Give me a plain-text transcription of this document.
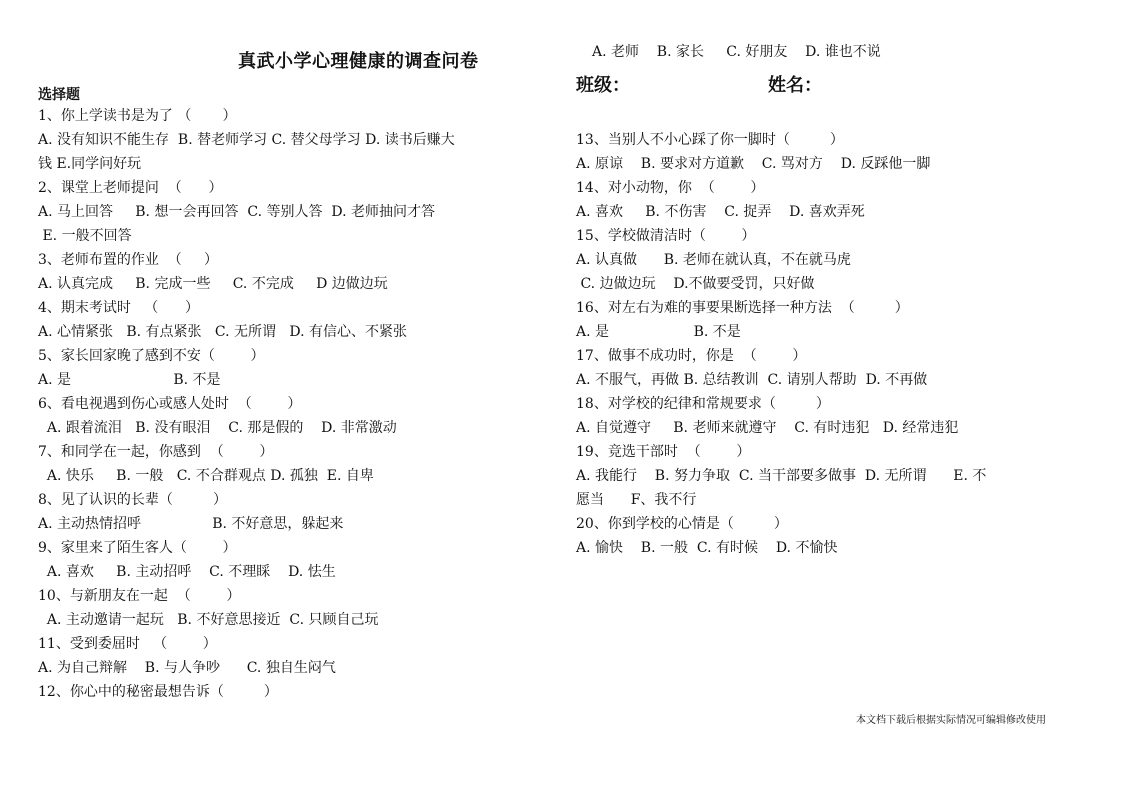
真武小学心理健康的调查问卷
选择题
A. 老师    B. 家长     C. 好朋友    D. 谁也不说
班级：	姓名：
本文档下载后根据实际情况可编辑修改使用
1、你上学读书是为了 （       ）
A. 没有知识不能生存  B. 替老师学习 C. 替父母学习 D. 读书后赚大
钱 E.同学问好玩
2、课堂上老师提问  （      ）
A. 马上回答     B. 想一会再回答  C. 等别人答  D. 老师抽问才答
E. 一般不回答
3、老师布置的作业  （     ）
A. 认真完成     B. 完成一些     C. 不完成     D 边做边玩
4、期末考试时   （      ）
A. 心情紧张   B. 有点紧张   C. 无所谓   D. 有信心、不紧张
5、家长回家晚了感到不安（        ）
A. 是                       B. 不是
6、看电视遇到伤心或感人处时  （        ）
A. 跟着流泪   B. 没有眼泪    C. 那是假的    D. 非常激动
7、和同学在一起，你感到  （        ）
A. 快乐     B. 一般   C. 不合群观点 D. 孤独  E. 自卑
8、见了认识的长辈（         ）
A. 主动热情招呼                B. 不好意思，躲起来
9、家里来了陌生客人（        ）
A. 喜欢     B. 主动招呼    C. 不理睬    D. 怯生
10、与新朋友在一起  （        ）
A. 主动邀请一起玩   B. 不好意思接近  C. 只顾自己玩
11、受到委屈时   （        ）
A. 为自己辩解    B. 与人争吵      C. 独自生闷气
12、你心中的秘密最想告诉（         ）
13、当别人不小心踩了你一脚时（         ）
A. 原谅    B. 要求对方道歉    C. 骂对方    D. 反踩他一脚
14、对小动物，你  （        ）
A. 喜欢     B. 不伤害    C. 捉弄    D. 喜欢弄死
15、学校做清洁时（        ）
A. 认真做      B. 老师在就认真，不在就马虎
C. 边做边玩    D.不做要受罚，只好做
16、对左右为难的事要果断选择一种方法  （         ）
A. 是                   B. 不是
17、做事不成功时，你是  （        ）
A. 不服气，再做 B. 总结教训  C. 请别人帮助  D. 不再做
18、对学校的纪律和常规要求（         ）
A. 自觉遵守     B. 老师来就遵守    C. 有时违犯   D. 经常违犯
19、竞选干部时  （        ）
A. 我能行    B. 努力争取  C. 当干部要多做事  D. 无所谓      E. 不
愿当      F、我不行
20、你到学校的心情是（         ）
A. 愉快    B. 一般  C. 有时候    D. 不愉快
